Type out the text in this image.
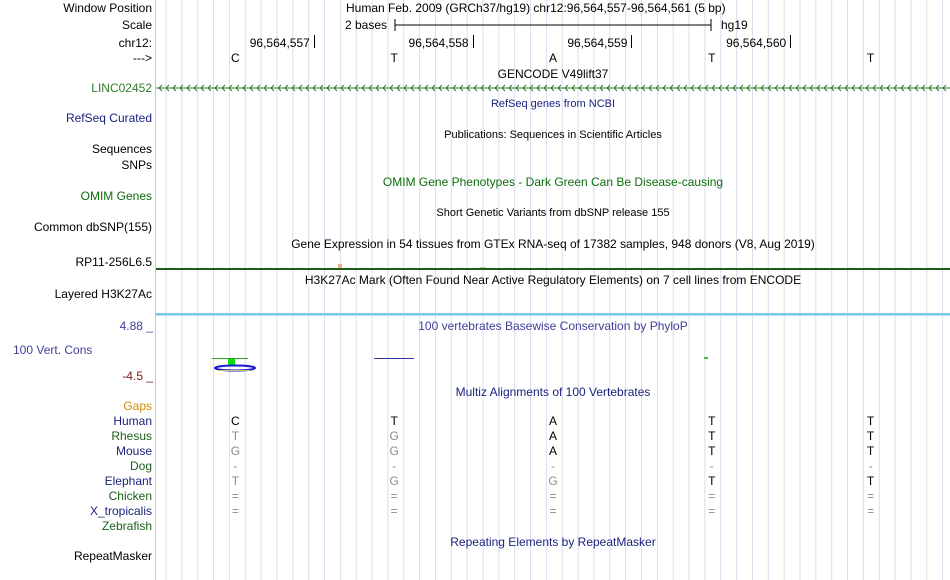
Window Position	Human Feb. 2009 (GRCh37/hg19) chr12:96,564,557-96,564,561 (5 bp)
Scale	2 bases	hg19
chr12:	96,564,557	96,564,558	96,564,559	96,564,560
--->	C	T	A	T	T
GENCODE V49lift37
LINC02452
RefSeq genes from NCBI
RefSeq Curated
Publications: Sequences in Scientific Articles
Sequences
SNPs
OMIM Gene Phenotypes - Dark Green Can Be Disease-causing
OMIM Genes
Short Genetic Variants from dbSNP release 155
Common dbSNP(155)
Gene Expression in 54 tissues from GTEx RNA-seq of 17382 samples, 948 donors (V8, Aug 2019)
RP11-256L6.5
H3K27Ac Mark (Often Found Near Active Regulatory Elements) on 7 cell lines from ENCODE
Layered H3K27Ac
4.88 _	100 vertebrates Basewise Conservation by PhyloP
100 Vert. Cons
-4.5 _
Multiz Alignments of 100 Vertebrates
Gaps
Human	C	T	A	T	T
Rhesus	T	G	A	T	T
Mouse	G	G	A	T	T
Dog	-	-	-	-	-
Elephant	T	G	G	T	T
Chicken	=	=	=	=	=
X_tropicalis	=	=	=	=	=
Zebrafish
Repeating Elements by RepeatMasker
RepeatMasker
